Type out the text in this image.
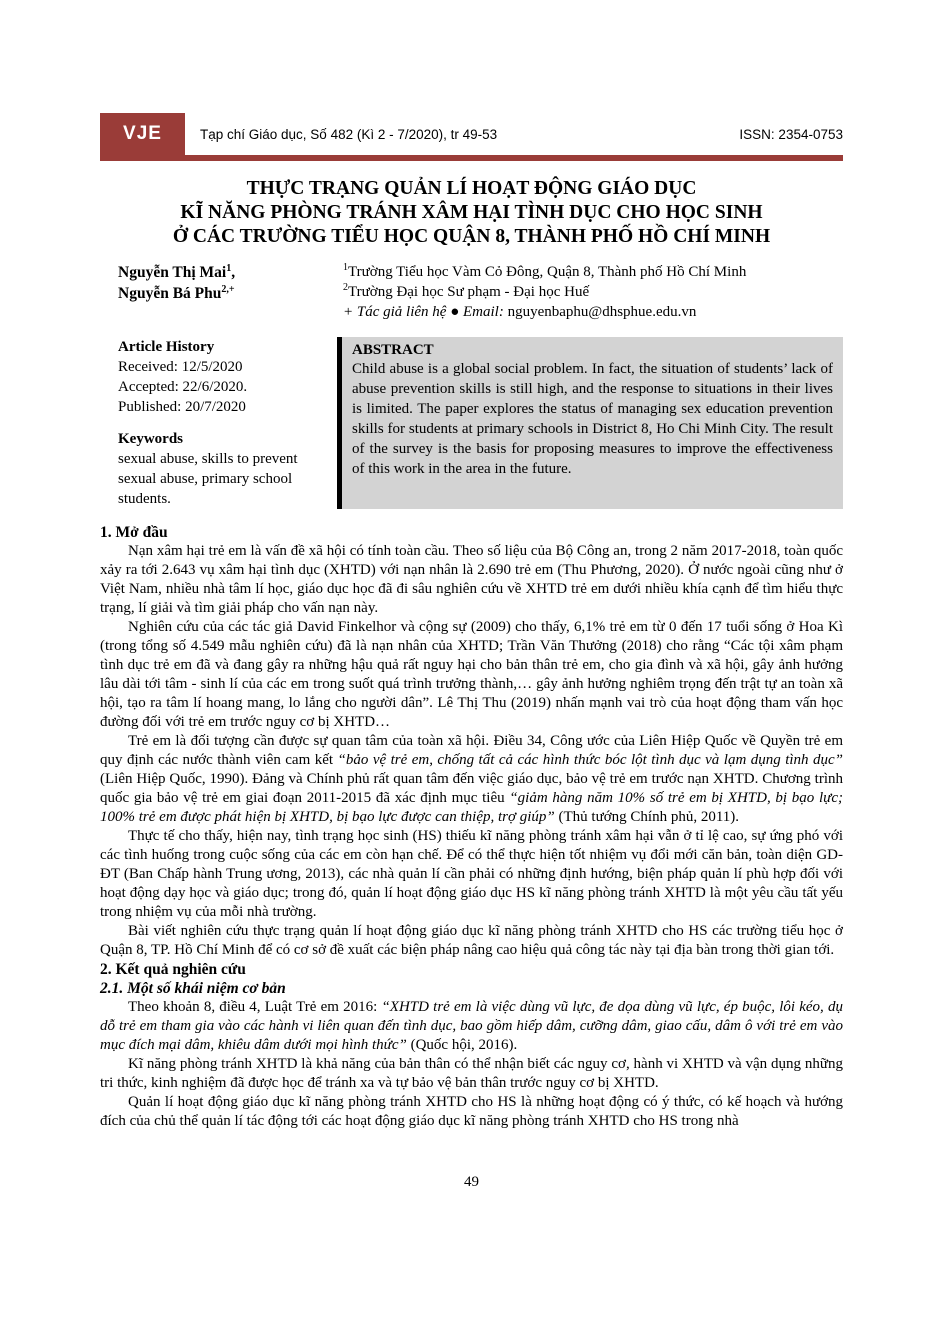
VJE	Tạp chí Giáo dục, Số 482 (Kì 2 - 7/2020), tr 49-53	ISSN: 2354-0753
THỰC TRẠNG QUẢN LÍ HOẠT ĐỘNG GIÁO DỤC
KĨ NĂNG PHÒNG TRÁNH XÂM HẠI TÌNH DỤC CHO HỌC SINH
Ở CÁC TRƯỜNG TIỂU HỌC QUẬN 8, THÀNH PHỐ HỒ CHÍ MINH
Nguyễn Thị Mai$^1$,
Nguyễn Bá Phu$^{2,+}$
$^1$Trường Tiểu học Vàm Cỏ Đông, Quận 8, Thành phố Hồ Chí Minh
$^2$Trường Đại học Sư phạm - Đại học Huế
+ Tác giả liên hệ ● Email: nguyenbaphu@dhsphue.edu.vn
Article History
Received: 12/5/2020
Accepted: 22/6/2020.
Published: 20/7/2020
Keywords
sexual abuse, skills to prevent sexual abuse, primary school students.
ABSTRACT
Child abuse is a global social problem. In fact, the situation of students’ lack of abuse prevention skills is still high, and the response to situations in their lives is limited. The paper explores the status of managing sex education prevention skills for students at primary schools in District 8, Ho Chi Minh City. The result of the survey is the basis for proposing measures to improve the effectiveness of this work in the area in the future.
1. Mở đầu

Nạn xâm hại trẻ em là vấn đề xã hội có tính toàn cầu. Theo số liệu của Bộ Công an, trong 2 năm 2017-2018, toàn quốc xảy ra tới 2.643 vụ xâm hại tình dục (XHTD) với nạn nhân là 2.690 trẻ em (Thu Phương, 2020). Ở nước ngoài cũng như ở Việt Nam, nhiều nhà tâm lí học, giáo dục học đã đi sâu nghiên cứu về XHTD trẻ em dưới nhiều khía cạnh để tìm hiểu thực trạng, lí giải và tìm giải pháp cho vấn nạn này.

Nghiên cứu của các tác giả David Finkelhor và cộng sự (2009) cho thấy, 6,1% trẻ em từ 0 đến 17 tuổi sống ở Hoa Kì (trong tổng số 4.549 mẫu nghiên cứu) đã là nạn nhân của XHTD; Trần Văn Thưởng (2018) cho rằng “Các tội xâm phạm tình dục trẻ em đã và đang gây ra những hậu quả rất nguy hại cho bản thân trẻ em, cho gia đình và xã hội, gây ảnh hưởng lâu dài tới tâm - sinh lí của các em trong suốt quá trình trưởng thành,… gây ảnh hưởng nghiêm trọng đến trật tự an toàn xã hội, tạo ra tâm lí hoang mang, lo lắng cho người dân”. Lê Thị Thu (2019) nhấn mạnh vai trò của hoạt động tham vấn học đường đối với trẻ em trước nguy cơ bị XHTD…

Trẻ em là đối tượng cần được sự quan tâm của toàn xã hội. Điều 34, Công ước của Liên Hiệp Quốc về Quyền trẻ em quy định các nước thành viên cam kết “bảo vệ trẻ em, chống tất cả các hình thức bóc lột tình dục và lạm dụng tình dục” (Liên Hiệp Quốc, 1990). Đảng và Chính phủ rất quan tâm đến việc giáo dục, bảo vệ trẻ em trước nạn XHTD. Chương trình quốc gia bảo vệ trẻ em giai đoạn 2011-2015 đã xác định mục tiêu “giảm hàng năm 10% số trẻ em bị XHTD, bị bạo lực; 100% trẻ em được phát hiện bị XHTD, bị bạo lực được can thiệp, trợ giúp” (Thủ tướng Chính phủ, 2011).

Thực tế cho thấy, hiện nay, tình trạng học sinh (HS) thiếu kĩ năng phòng tránh xâm hại vẫn ở tỉ lệ cao, sự ứng phó với các tình huống trong cuộc sống của các em còn hạn chế. Để có thể thực hiện tốt nhiệm vụ đổi mới căn bản, toàn diện GD-ĐT (Ban Chấp hành Trung ương, 2013), các nhà quản lí cần phải có những định hướng, biện pháp quản lí phù hợp đối với hoạt động dạy học và giáo dục; trong đó, quản lí hoạt động giáo dục HS kĩ năng phòng tránh XHTD là một yêu cầu tất yếu trong nhiệm vụ của mỗi nhà trường.

Bài viết nghiên cứu thực trạng quản lí hoạt động giáo dục kĩ năng phòng tránh XHTD cho HS các trường tiểu học ở Quận 8, TP. Hồ Chí Minh để có cơ sở đề xuất các biện pháp nâng cao hiệu quả công tác này tại địa bàn trong thời gian tới.

2. Kết quả nghiên cứu
2.1. Một số khái niệm cơ bản

Theo khoản 8, điều 4, Luật Trẻ em 2016: “XHTD trẻ em là việc dùng vũ lực, đe dọa dùng vũ lực, ép buộc, lôi kéo, dụ dỗ trẻ em tham gia vào các hành vi liên quan đến tình dục, bao gồm hiếp dâm, cưỡng dâm, giao cấu, dâm ô với trẻ em vào mục đích mại dâm, khiêu dâm dưới mọi hình thức” (Quốc hội, 2016).

Kĩ năng phòng tránh XHTD là khả năng của bản thân có thể nhận biết các nguy cơ, hành vi XHTD và vận dụng những tri thức, kinh nghiệm đã được học để tránh xa và tự bảo vệ bản thân trước nguy cơ bị XHTD.

Quản lí hoạt động giáo dục kĩ năng phòng tránh XHTD cho HS là những hoạt động có ý thức, có kế hoạch và hướng đích của chủ thể quản lí tác động tới các hoạt động giáo dục kĩ năng phòng tránh XHTD cho HS trong nhà

49
